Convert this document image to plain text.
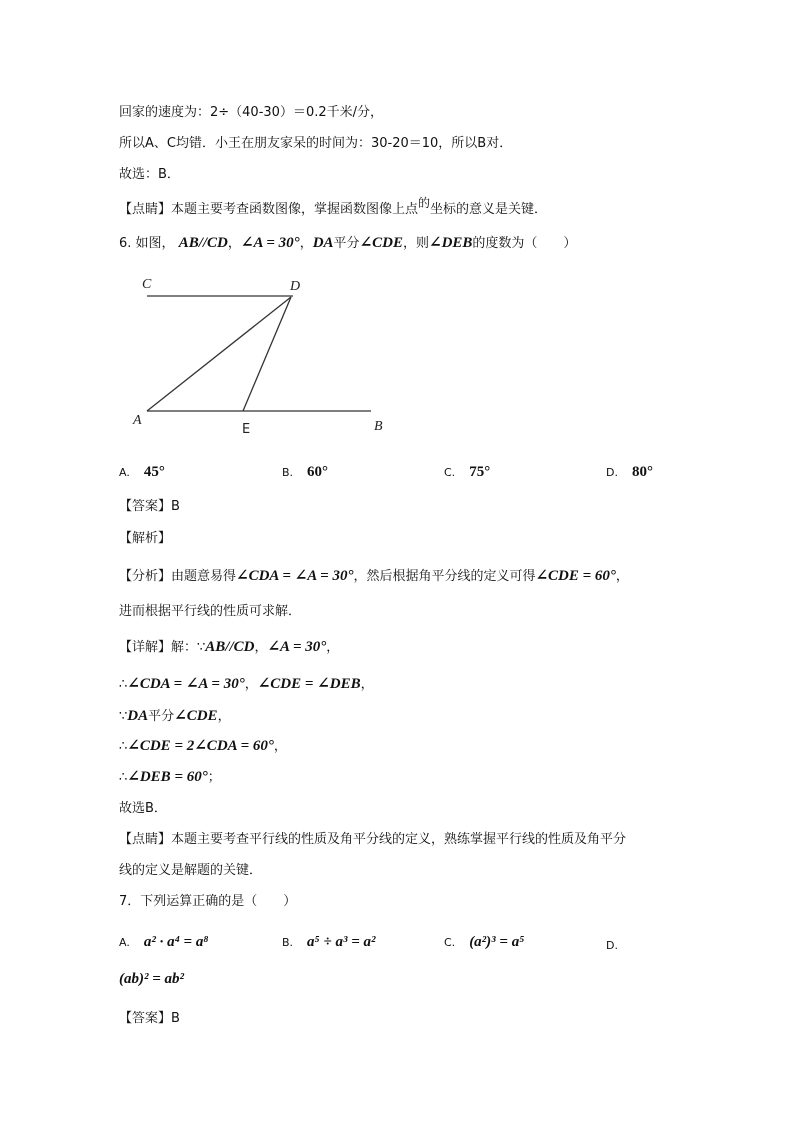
回家的速度为：2÷（40-30）＝0.2千米/分，
所以A、C均错．小王在朋友家呆的时间为：30-20＝10，所以B对．
故选：B．
【点睛】本题主要考查函数图像，掌握函数图像上点的坐标的意义是关键．
6. 如图， AB//CD，∠A = 30°，DA平分∠CDE，则∠DEB的度数为（　　）
C	D
A
E	B
A. 45°	B. 60°	C. 75°	D. 80°
【答案】B
【解析】
【分析】由题意易得∠CDA = ∠A = 30°，然后根据角平分线的定义可得∠CDE = 60°，
进而根据平行线的性质可求解．
【详解】解：∵AB//CD，∠A = 30°，
∴∠CDA = ∠A = 30°，∠CDE = ∠DEB，
∵DA平分∠CDE，
∴∠CDE = 2∠CDA = 60°，
∴∠DEB = 60°；
故选B．
【点睛】本题主要考查平行线的性质及角平分线的定义，熟练掌握平行线的性质及角平分
线的定义是解题的关键．
7．下列运算正确的是（　　）
A. a² · a⁴ = a⁸	B. a⁵ ÷ a³ = a²	C. (a²)³ = a⁵	D.
(ab)² = ab²
【答案】B
